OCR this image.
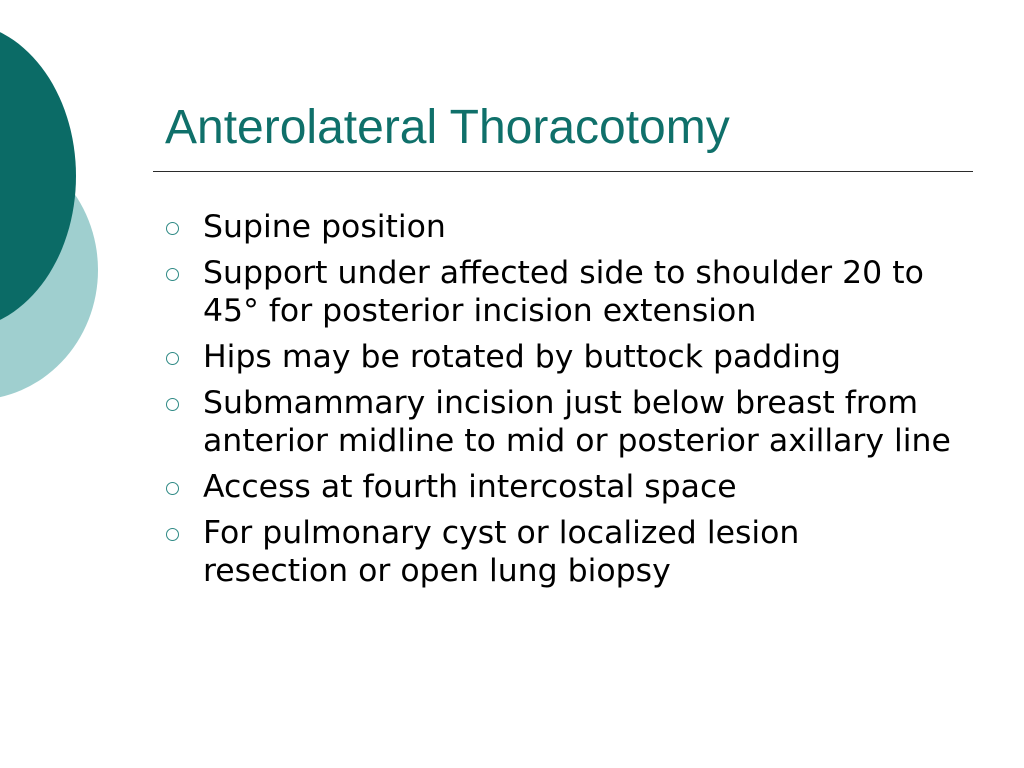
Anterolateral Thoracotomy
Supine position
Support under affected side to shoulder 20 to 45° for posterior incision extension
Hips may be rotated by buttock padding
Submammary incision just below breast from anterior midline to mid or posterior axillary line
Access at fourth intercostal space
For pulmonary cyst or localized lesion resection or open lung biopsy
